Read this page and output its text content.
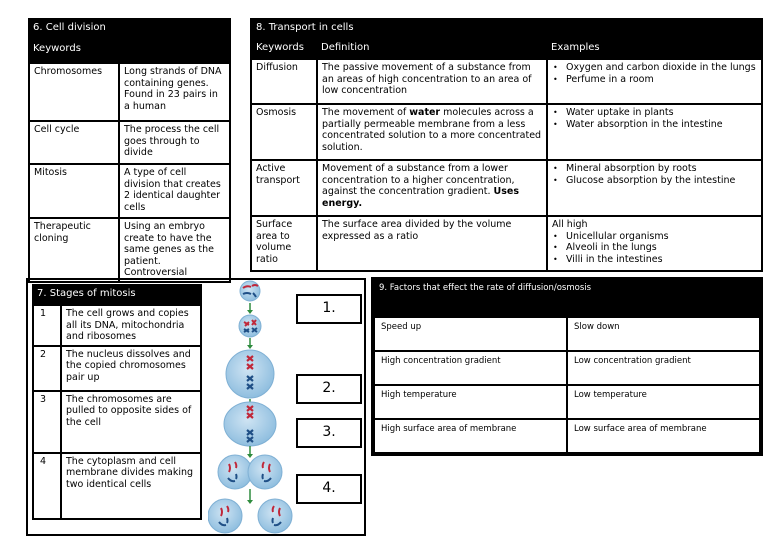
6. Cell division
Keywords
Chromosomes	Long strands of DNA containing genes. Found in 23 pairs in a human
Cell cycle	The process the cell goes through to divide
Mitosis	A type of cell division that creates 2 identical daughter cells
Therapeutic cloning	Using an embryo create to have the same genes as the patient. Controversial
8. Transport in cells
Keywords	Definition	Examples
Diffusion	The passive movement of a substance from an areas of high concentration to an area of low concentration	
• Oxygen and carbon dioxide in the lungs
• Perfume in a room

Osmosis	The movement of water molecules across a partially permeable membrane from a less concentrated solution to a more concentrated solution.	
• Water uptake in plants
• Water absorption in the intestine

Active transport	Movement of a substance from a lower concentration to a higher concentration, against the concentration gradient. Uses energy.	
• Mineral absorption by roots
• Glucose absorption by the intestine

Surface area to volume ratio	The surface area divided by the volume expressed as a ratio	
All high
• Unicellular organisms
• Alveoli in the lungs
• Villi in the intestines
7. Stages of mitosis
1	The cell grows and copies all its DNA, mitochondria and ribosomes
2	The nucleus dissolves and the copied chromosomes pair up
3	The chromosomes are pulled to opposite sides of the cell
4	The cytoplasm and cell membrane divides making two identical cells
1.
2.
3.
4.
9. Factors that effect the rate of diffusion/osmosis
Speed up	Slow down
High concentration gradient	Low concentration gradient
High temperature	Low temperature
High surface area of membrane	Low surface area of membrane
